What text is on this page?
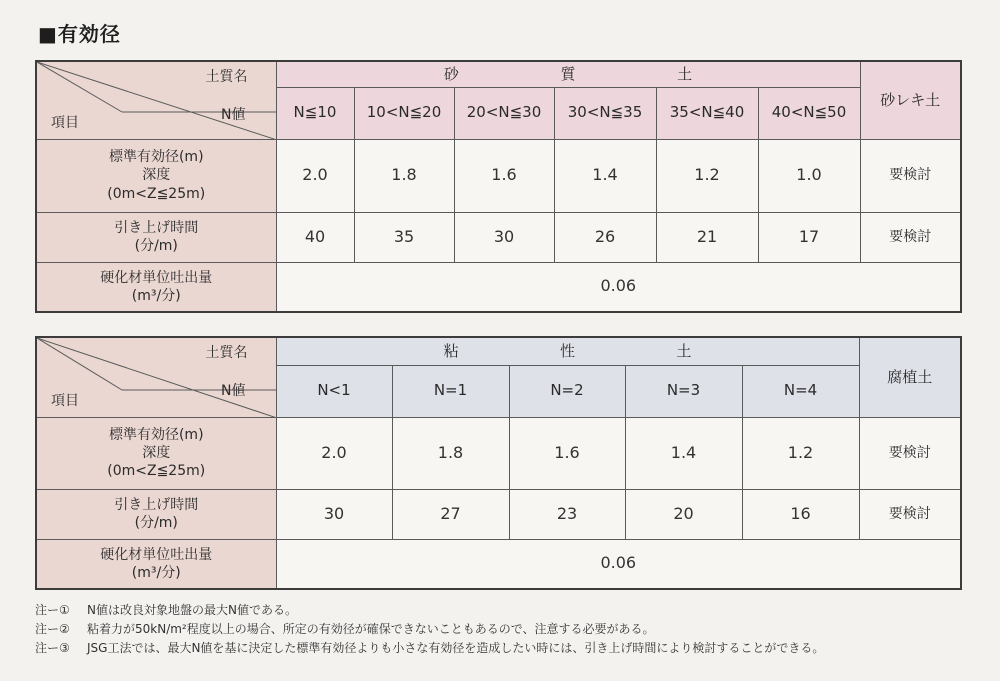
■有効径
土質名
N値
項目	砂 質 土						砂レキ土
	N≦10	10<N≦20	20<N≦30	30<N≦35	35<N≦40	40<N≦50	

標準有効径(m)
深度
(0m<Z≦25m)	2.0	1.8	1.6	1.4	1.2	1.0	要検討

引き上げ時間
(分/m)	40	35	30	26	21	17	要検討

硬化材単位吐出量
(m³/分)	0.06						
土質名
N値
項目	粘 性 土					腐植土
	N<1	N=1	N=2	N=3	N=4	

標準有効径(m)
深度
(0m<Z≦25m)	2.0	1.8	1.6	1.4	1.2	要検討

引き上げ時間
(分/m)	30	27	23	20	16	要検討

硬化材単位吐出量
(m³/分)	0.06					
注ー①	N値は改良対象地盤の最大N値である。
注ー②	粘着力が50kN/m²程度以上の場合、所定の有効径が確保できないこともあるので、注意する必要がある。
注ー③	JSG工法では、最大N値を基に決定した標準有効径よりも小さな有効径を造成したい時には、引き上げ時間により検討することができる。
